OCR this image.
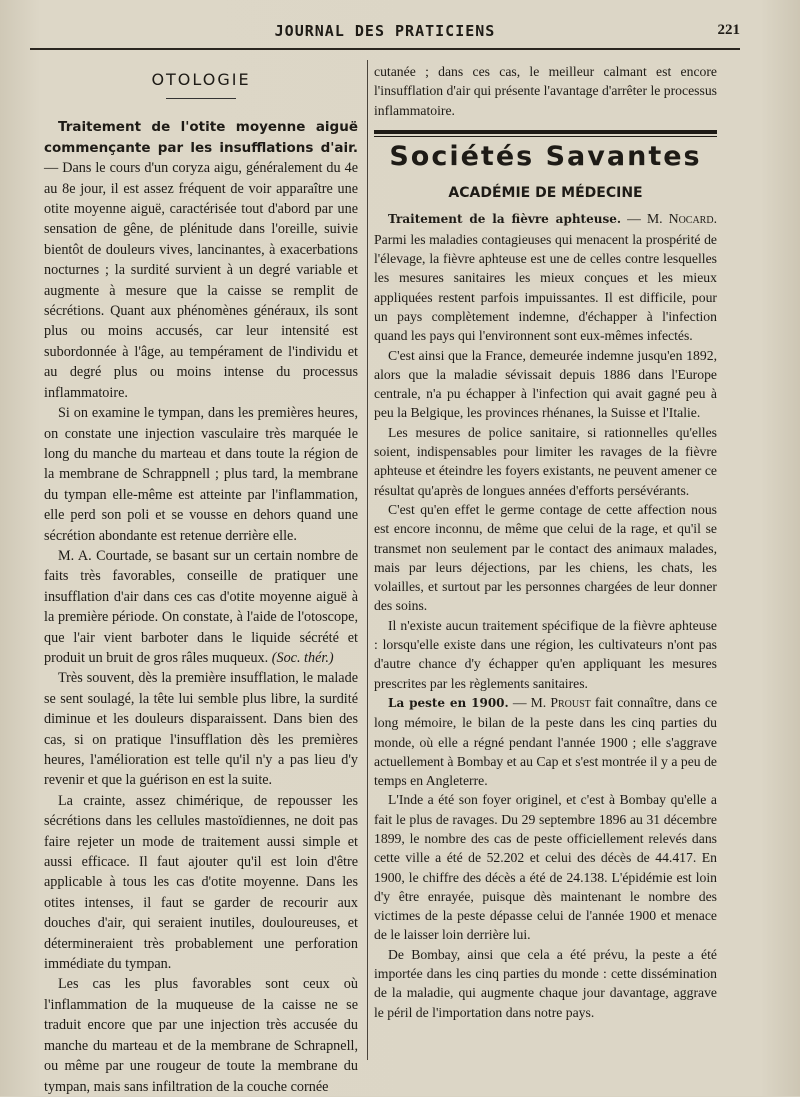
JOURNAL DES PRATICIENS	221
OTOLOGIE

Traitement de l'otite moyenne aiguë commençante par les insufflations d'air. — Dans le cours d'un coryza aigu, généralement du 4e au 8e jour, il est assez fréquent de voir apparaître une otite moyenne aiguë, caractérisée tout d'abord par une sensation de gêne, de plénitude dans l'oreille, suivie bientôt de douleurs vives, lancinantes, à exacerbations nocturnes ; la surdité survient à un degré variable et augmente à mesure que la caisse se remplit de sécrétions. Quant aux phénomènes généraux, ils sont plus ou moins accusés, car leur intensité est subordonnée à l'âge, au tempérament de l'individu et au degré plus ou moins intense du processus inflammatoire.

Si on examine le tympan, dans les premières heures, on constate une injection vasculaire très marquée le long du manche du marteau et dans toute la région de la membrane de Schrappnell ; plus tard, la membrane du tympan elle-même est atteinte par l'inflammation, elle perd son poli et se vousse en dehors quand une sécrétion abondante est retenue derrière elle.

M. A. Courtade, se basant sur un certain nombre de faits très favorables, conseille de pratiquer une insufflation d'air dans ces cas d'otite moyenne aiguë à la première période. On constate, à l'aide de l'otoscope, que l'air vient barboter dans le liquide sécrété et produit un bruit de gros râles muqueux. (Soc. thér.)

Très souvent, dès la première insufflation, le malade se sent soulagé, la tête lui semble plus libre, la surdité diminue et les douleurs disparaissent. Dans bien des cas, si on pratique l'insufflation dès les premières heures, l'amélioration est telle qu'il n'y a pas lieu d'y revenir et que la guérison en est la suite.

La crainte, assez chimérique, de repousser les sécrétions dans les cellules mastoïdiennes, ne doit pas faire rejeter un mode de traitement aussi simple et aussi efficace. Il faut ajouter qu'il est loin d'être applicable à tous les cas d'otite moyenne. Dans les otites intenses, il faut se garder de recourir aux douches d'air, qui seraient inutiles, douloureuses, et détermineraient très probablement une perforation immédiate du tympan.

Les cas les plus favorables sont ceux où l'inflammation de la muqueuse de la caisse ne se traduit encore que par une injection très accusée du manche du marteau et de la membrane de Schrapnell, ou même par une rougeur de toute la membrane du tympan, mais sans infiltration de la couche cornée

cutanée ; dans ces cas, le meilleur calmant est encore l'insufflation d'air qui présente l'avantage d'arrêter le processus inflammatoire.

Sociétés Savantes
ACADÉMIE DE MÉDECINE

Traitement de la fièvre aphteuse. — M. Nocard. Parmi les maladies contagieuses qui menacent la prospérité de l'élevage, la fièvre aphteuse est une de celles contre lesquelles les mesures sanitaires les mieux conçues et les mieux appliquées restent parfois impuissantes. Il est difficile, pour un pays complètement indemne, d'échapper à l'infection quand les pays qui l'environnent sont eux-mêmes infectés.

C'est ainsi que la France, demeurée indemne jusqu'en 1892, alors que la maladie sévissait depuis 1886 dans l'Europe centrale, n'a pu échapper à l'infection qui avait gagné peu à peu la Belgique, les provinces rhénanes, la Suisse et l'Italie.

Les mesures de police sanitaire, si rationnelles qu'elles soient, indispensables pour limiter les ravages de la fièvre aphteuse et éteindre les foyers existants, ne peuvent amener ce résultat qu'après de longues années d'efforts persévérants.

C'est qu'en effet le germe contage de cette affection nous est encore inconnu, de même que celui de la rage, et qu'il se transmet non seulement par le contact des animaux malades, mais par leurs déjections, par les chiens, les chats, les volailles, et surtout par les personnes chargées de leur donner des soins.

Il n'existe aucun traitement spécifique de la fièvre aphteuse : lorsqu'elle existe dans une région, les cultivateurs n'ont pas d'autre chance d'y échapper qu'en appliquant les mesures prescrites par les règlements sanitaires.

La peste en 1900. — M. Proust fait connaître, dans ce long mémoire, le bilan de la peste dans les cinq parties du monde, où elle a régné pendant l'année 1900 ; elle s'aggrave actuellement à Bombay et au Cap et s'est montrée il y a peu de temps en Angleterre.

L'Inde a été son foyer originel, et c'est à Bombay qu'elle a fait le plus de ravages. Du 29 septembre 1896 au 31 décembre 1899, le nombre des cas de peste officiellement relevés dans cette ville a été de 52.202 et celui des décès de 44.417. En 1900, le chiffre des décès a été de 24.138. L'épidémie est loin d'y être enrayée, puisque dès maintenant le nombre des victimes de la peste dépasse celui de l'année 1900 et menace de le laisser loin derrière lui.

De Bombay, ainsi que cela a été prévu, la peste a été importée dans les cinq parties du monde : cette dissémination de la maladie, qui augmente chaque jour davantage, aggrave le péril de l'importation dans notre pays.
